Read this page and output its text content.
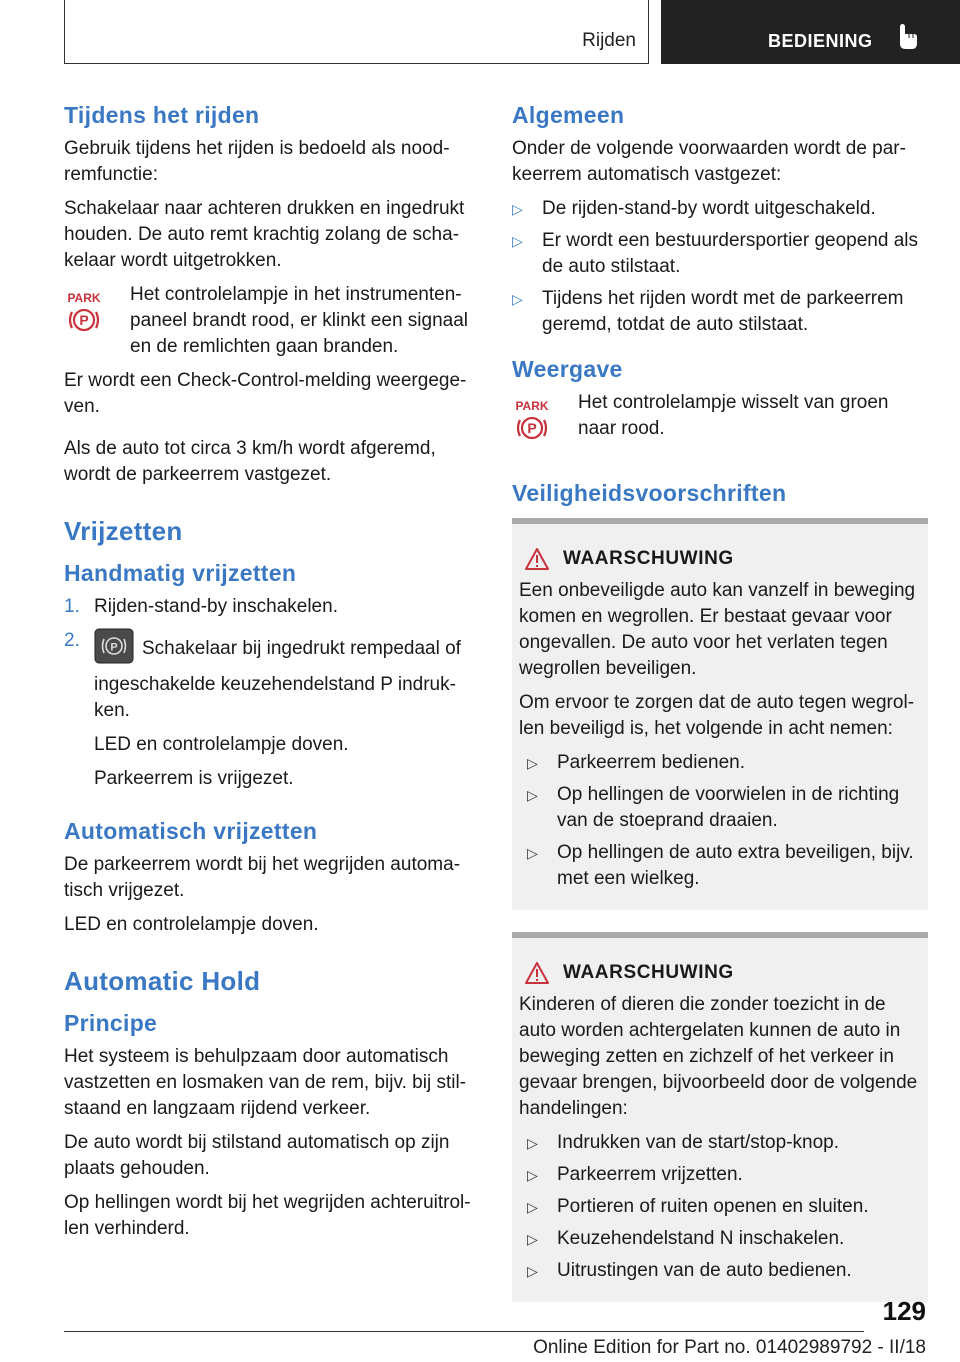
Rijden	BEDIENING
Tijdens het rijden

Gebruik tijdens het rijden is bedoeld als noodremfunctie:

Schakelaar naar achteren drukken en ingedrukt houden. De auto remt krachtig zolang de schakelaar wordt uitgetrokken.

PARK
P
Het controlelampje in het instrumentenpaneel brandt rood, er klinkt een signaal en de remlichten gaan branden.

Er wordt een Check-Control-melding weergegeven.

Als de auto tot circa 3 km/h wordt afgeremd, wordt de parkeerrem vastgezet.

Vrijzetten
Handmatig vrijzetten
1. Rijden-stand-by inschakelen.
2.	P Schakelaar bij ingedrukt rempedaal of ingeschakelde keuzehendelstand P indrukken.

LED en controlelampje doven.

Parkeerrem is vrijgezet.

Automatisch vrijzetten

De parkeerrem wordt bij het wegrijden automatisch vrijgezet.

LED en controlelampje doven.

Automatic Hold
Principe

Het systeem is behulpzaam door automatisch vastzetten en losmaken van de rem, bijv. bij stilstaand en langzaam rijdend verkeer.

De auto wordt bij stilstand automatisch op zijn plaats gehouden.

Op hellingen wordt bij het wegrijden achteruitrollen verhinderd.

Algemeen

Onder de volgende voorwaarden wordt de parkeerrem automatisch vastgezet:

▷	De rijden-stand-by wordt uitgeschakeld.
▷	Er wordt een bestuurdersportier geopend als de auto stilstaat.
▷	Tijdens het rijden wordt met de parkeerrem geremd, totdat de auto stilstaat.
Weergave
PARK
P
Het controlelampje wisselt van groen naar rood.
Veiligheidsvoorschriften
WAARSCHUWING

Een onbeveiligde auto kan vanzelf in beweging komen en wegrollen. Er bestaat gevaar voor ongevallen. De auto voor het verlaten tegen wegrollen beveiligen.

Om ervoor te zorgen dat de auto tegen wegrollen beveiligd is, het volgende in acht nemen:

▷	Parkeerrem bedienen.
▷	Op hellingen de voorwielen in de richting van de stoeprand draaien.
▷	Op hellingen de auto extra beveiligen, bijv. met een wielkeg.
WAARSCHUWING

Kinderen of dieren die zonder toezicht in de auto worden achtergelaten kunnen de auto in beweging zetten en zichzelf of het verkeer in gevaar brengen, bijvoorbeeld door de volgende handelingen:

▷	Indrukken van de start/stop-knop.
▷	Parkeerrem vrijzetten.
▷	Portieren of ruiten openen en sluiten.
▷	Keuzehendelstand N inschakelen.
▷	Uitrustingen van de auto bedienen.
129
Online Edition for Part no. 01402989792 - II/18
